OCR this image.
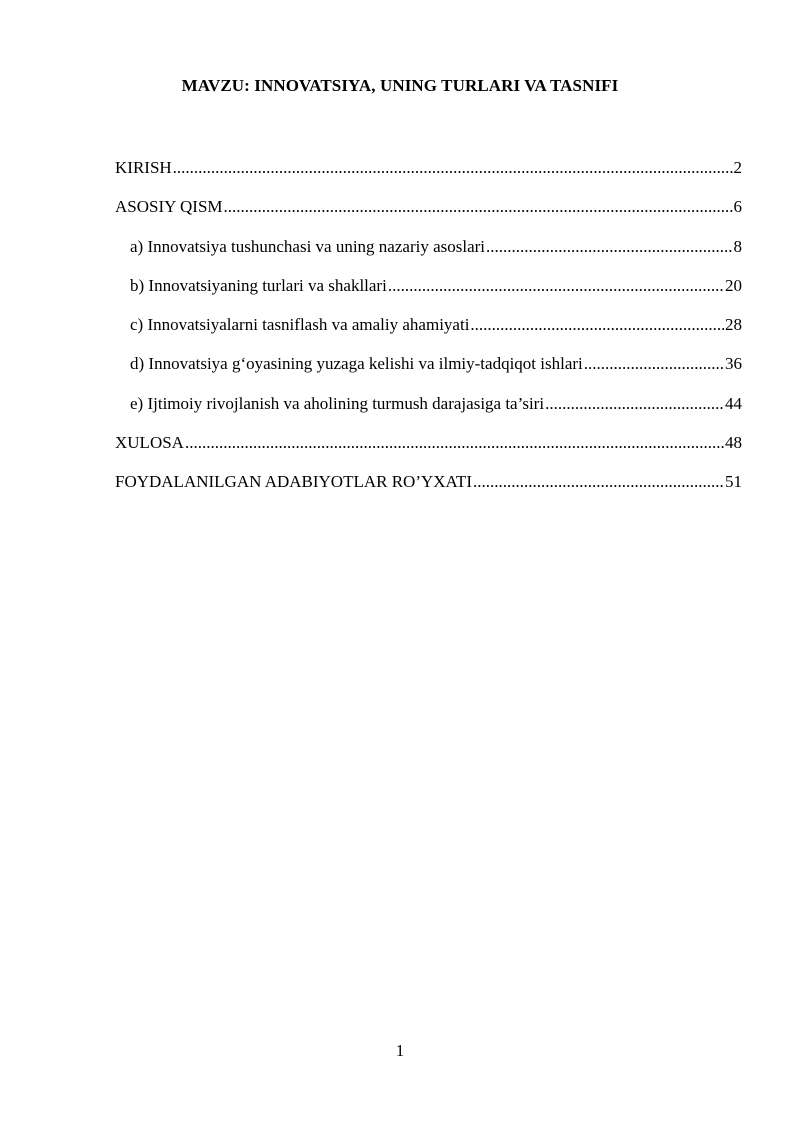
MAVZU: INNOVATSIYA, UNING TURLARI VA TASNIFI
KIRISH .....	2
ASOSIY QISM .....	6
a) Innovatsiya tushunchasi va uning nazariy asoslari .....	8
b) Innovatsiyaning turlari va shakllari .....	20
c) Innovatsiyalarni tasniflash va amaliy ahamiyati .....	28
d) Innovatsiya g‘oyasining yuzaga kelishi va ilmiy-tadqiqot ishlari .....	36
e) Ijtimoiy rivojlanish va aholining turmush darajasiga ta’siri .....	44
XULOSA .....	48
FOYDALANILGAN ADABIYOTLAR RO’YXATI .....	51
1
